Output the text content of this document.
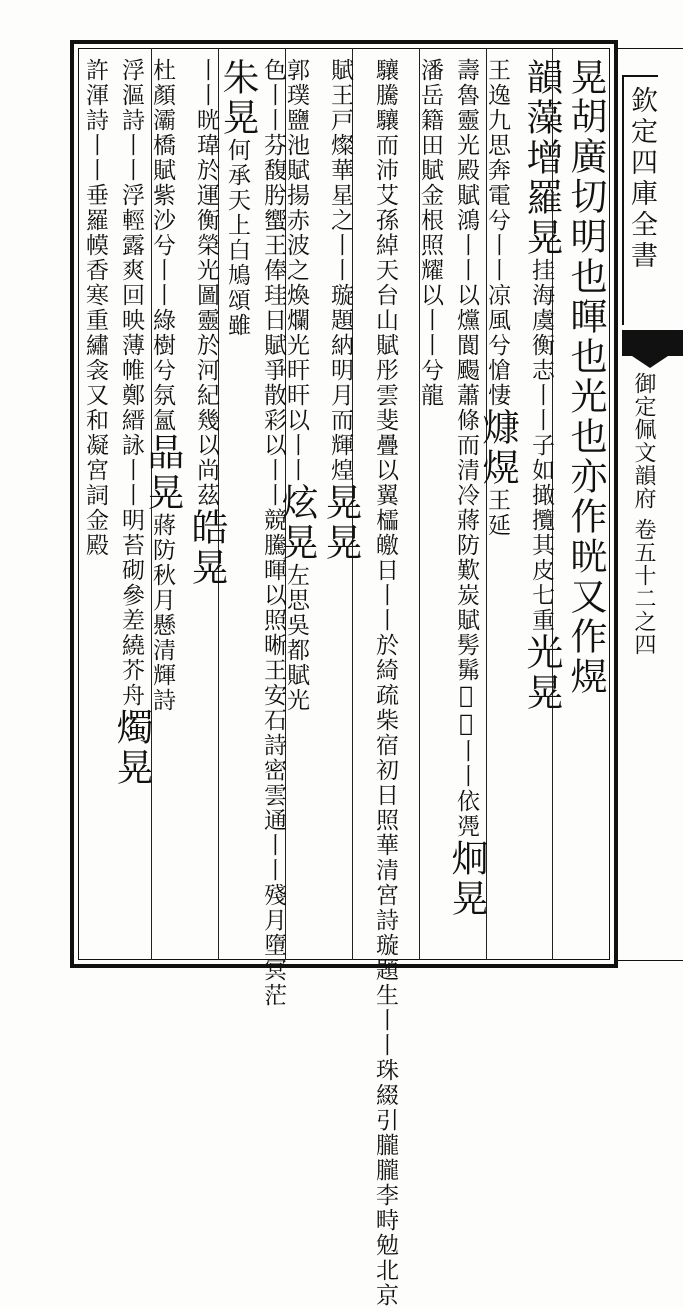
欽定四庫全書
御定佩文韻府 卷五十二之四
晃胡廣切明也暉也光也亦作晄又作熀
韻藻增羅晃挂海虞衡志丨丨子如撖攬其皮七重光晃王逸九思奔電兮丨丨凉風兮愴悽𤎖熀王延
壽魯靈光殿賦鴻丨丨以爣閬颺蕭條而清冷蔣防歎炭賦髣髴𧸝𧸝丨丨依凴炯晃潘岳籍田賦金根照耀以丨丨兮龍
驤騰驤而沛艾孫綽天台山賦彤雲斐疊以翼櫺皦日丨丨於綺疏柴宿初日照華清宮詩璇題生丨丨珠綴引朧朧李畤勉北京
賦王戸燦華星之丨丨璇題納明月而輝煌晃晃郭璞鹽池賦揚赤波之煥爛光旰旰以丨丨炫晃左思吳都賦光
色丨丨芬馥肹蠁王俸珪日賦爭散彩以丨丨競騰暉以照晰王安石詩密雲通丨丨殘月墮冥茫朱晃何承天上白鳩頌雖
丨丨晄瑋於運衡榮光圖靈於河紀幾以尚茲皓晃杜顏灞橋賦紫沙兮丨丨綠樹兮氛氳晶晃蔣防秋月懸清輝詩
浮漚詩丨丨浮輕露爽回映薄帷鄭縉詠丨丨明苔砌參差繞芥舟燭晃許渾詩丨丨垂羅幙香寒重繡衾又和凝宮詞金殿
